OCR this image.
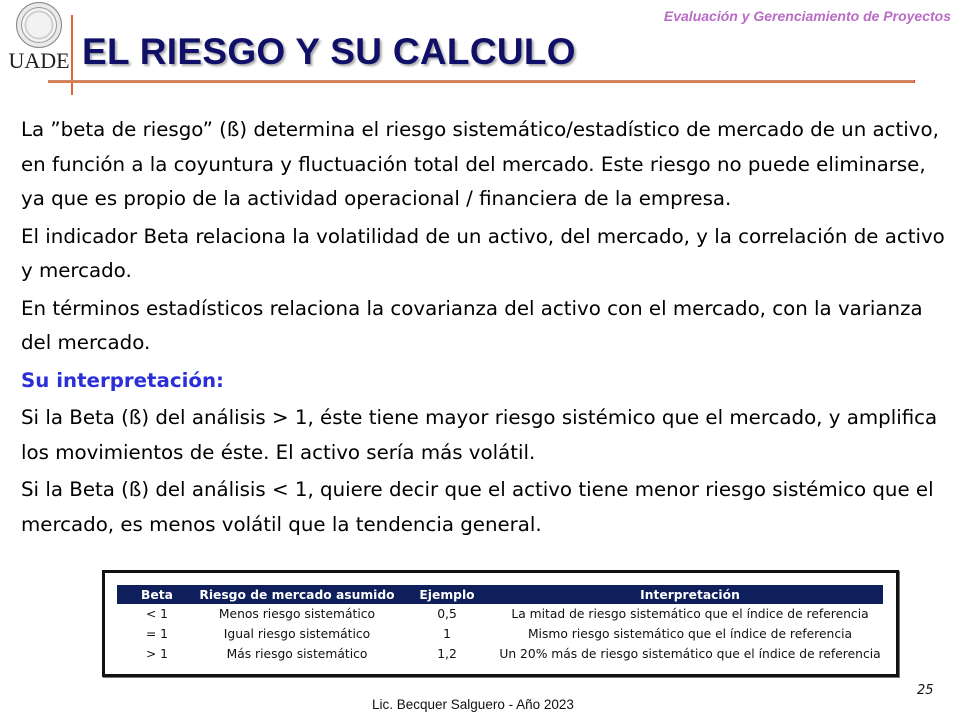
UADE
Evaluación y Gerenciamiento de Proyectos
EL RIESGO Y SU CALCULO

La ”beta de riesgo” (ß) determina el riesgo sistemático/estadístico de mercado de un activo, en función a la coyuntura y fluctuación total del mercado. Este riesgo no puede eliminarse, ya que es propio de la actividad operacional / financiera de la empresa.

El indicador Beta relaciona la volatilidad de un activo, del mercado, y la correlación de activo y mercado.

En términos estadísticos relaciona la covarianza del activo con el mercado, con la varianza del mercado.

Su interpretación:

Si la Beta (ß) del análisis > 1, éste tiene mayor riesgo sistémico que el mercado, y amplifica los movimientos de éste. El activo sería más volátil.

Si la Beta (ß) del análisis < 1, quiere decir que el activo tiene menor riesgo sistémico que el mercado, es menos volátil que la tendencia general.

Beta	Riesgo de mercado asumido	Ejemplo	Interpretación
< 1	Menos riesgo sistemático	0,5	La mitad de riesgo sistemático que el índice de referencia
= 1	Igual riesgo sistemático	1	Mismo riesgo sistemático que el índice de referencia
> 1	Más riesgo sistemático	1,2	Un 20% más de riesgo sistemático que el índice de referencia
25
Lic. Becquer Salguero - Año 2023
